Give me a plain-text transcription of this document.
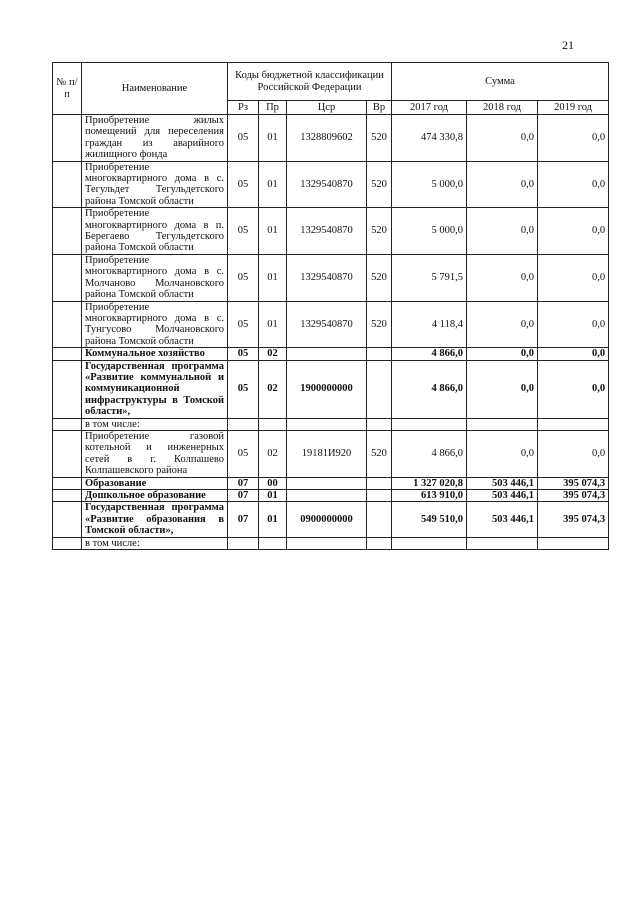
21
№ п/п	Наименование	Коды бюджетной классификации Российской Федерации				Сумма		
		Рз	Пр	Цср	Вр	2017 год	2018 год	2019 год
	Приобретение жилых помещений для переселения граждан из аварийного жилищного фонда	05	01	1328809602	520	474 330,8	0,0	0,0
	Приобретение многоквартирного дома в с. Тегульдет Тегульдетского района Томской области	05	01	1329540870	520	5 000,0	0,0	0,0
	Приобретение многоквартирного дома в п. Берегаево Тегульдетского района Томской области	05	01	1329540870	520	5 000,0	0,0	0,0
	Приобретение многоквартирного дома в с. Молчаново Молчановского района Томской области	05	01	1329540870	520	5 791,5	0,0	0,0
	Приобретение многоквартирного дома в с. Тунгусово Молчановского района Томской области	05	01	1329540870	520	4 118,4	0,0	0,0
	Коммунальное хозяйство	05	02			4 866,0	0,0	0,0
	Государственная программа «Развитие коммунальной и коммуникационной инфраструктуры в Томской области»,	05	02	1900000000		4 866,0	0,0	0,0
	в том числе:							
	Приобретение газовой котельной и инженерных сетей в г. Колпашево Колпашевского района	05	02	19181И920	520	4 866,0	0,0	0,0
	Образование	07	00			1 327 020,8	503 446,1	395 074,3
	Дошкольное образование	07	01			613 910,0	503 446,1	395 074,3
	Государственная программа «Развитие образования в Томской области»,	07	01	0900000000		549 510,0	503 446,1	395 074,3
	в том числе:							
